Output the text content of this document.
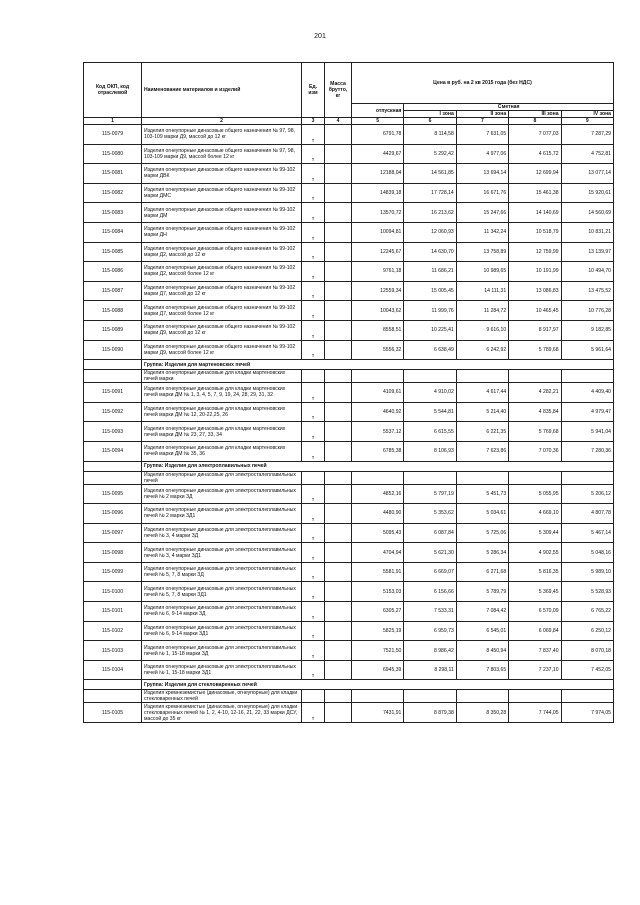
201
Код ОКП, код отраслевой	Наименование материалов и изделий	Ед. изм	Масса брутто, кг	Цена в руб. на 2 кв 2015 года (без НДС)				
				отпускная	Сметная			
					I зона	II зона	III зона	IV зона
1	2	3	4	5	6	7	8	9
115-0079	Изделия огнеупорные динасовые общего назначения № 97, 98, 103-109 марки Д9, массой до 12 кг	т		6791,78	8 114,58	7 631,05	7 077,03	7 287,29
115-0080	Изделия огнеупорные динасовые общего назначения № 97, 98, 103-109 марки Д9, массой более 12 кг	т		4429,67	5 292,42	4 977,06	4 615,72	4 752,81
115-0081	Изделия огнеупорные динасовые общего назначения № 99-102 марки ДВК	т		12188,04	14 561,85	13 694,14	12 699,94	13 077,14
115-0082	Изделия огнеупорные динасовые общего назначения № 99-102 марки ДМС	т		14839,18	17 728,14	16 671,76	15 461,38	15 920,61
115-0083	Изделия огнеупорные динасовые общего назначения № 99-102 марки ДМ	т		13570,72	16 213,62	15 247,66	14 140,69	14 560,69
115-0084	Изделия огнеупорные динасовые общего назначения № 99-102 марки ДН	т		10094,81	12 060,93	11 342,24	10 518,79	10 831,21
115-0085	Изделия огнеупорные динасовые общего назначения № 99-102 марки Д2, массой до 12 кг	т		12245,67	14 630,70	13 758,89	12 759,99	13 139,97
115-0086	Изделия огнеупорные динасовые общего назначения № 99-102 марки Д2, массой более 12 кг	т		9761,18	11 686,21	10 989,65	10 191,99	10 494,70
115-0087	Изделия огнеупорные динасовые общего назначения № 99-102 марки Д7, массой до 12 кг	т		12559,34	15 005,45	14 111,31	13 086,83	13 475,52
115-0088	Изделия огнеупорные динасовые общего назначения № 99-102 марки Д7, массой более 12 кг	т		10043,62	11 999,76	11 284,72	10 465,45	10 776,28
115-0089	Изделия огнеупорные динасовые общего назначения № 99-102 марки Д9, массой до 12 кг	т		8558,51	10 225,41	9 616,10	8 917,97	9 182,85
115-0090	Изделия огнеупорные динасовые общего назначения № 99-102 марки Д9, массой более 12 кг	т		5556,32	6 638,49	6 242,92	5 789,68	5 961,64
	Группа: Изделия для мартеновских печей							
	Изделия огнеупорные динасовые для кладки мартеновских печей марки							
115-0091	Изделия огнеупорные динасовые для кладки мартеновских печей марки ДМ № 1, 3, 4, 5, 7, 9, 19, 24, 28, 29, 31, 32	т		4109,61	4 910,02	4 617,44	4 282,21	4 409,40
115-0092	Изделия огнеупорные динасовые для кладки мартеновских печей марки ДМ № 12, 20-22,25, 26	т		4640,92	5 544,81	5 214,40	4 835,84	4 979,47
115-0093	Изделия огнеупорные динасовые для кладки мартеновских печей марки ДМ № 23, 27, 33, 34	т		5537,12	6 615,55	6 221,35	5 769,68	5 941,04
115-0094	Изделия огнеупорные динасовые для кладки мартеновских печей марки ДМ № 35, 36	т		6785,38	8 106,93	7 623,86	7 070,36	7 280,36
	Группа: Изделия для электроплавильных печей							
	Изделия огнеупорные динасовые для электросталеплавильных печей							
115-0095	Изделия огнеупорные динасовые для электросталеплавильных печей № 2 марки ЗД	т		4852,16	5 797,19	5 451,73	5 055,95	5 206,12
115-0096	Изделия огнеупорные динасовые для электросталеплавильных печей № 2 марки ЗД1	т		4480,90	5 353,62	5 034,61	4 669,10	4 807,78
115-0097	Изделия огнеупорные динасовые для электросталеплавильных печей № 3, 4 марки ЗД	т		5095,43	6 087,84	5 725,06	5 309,44	5 467,14
115-0098	Изделия огнеупорные динасовые для электросталеплавильных печей № 3, 4 марки ЗД1	т		4704,94	5 621,30	5 286,34	4 902,55	5 048,16
115-0099	Изделия огнеупорные динасовые для электросталеплавильных печей № 5, 7, 8 марки ЗД	т		5581,91	6 669,07	6 271,68	5 816,35	5 989,10
115-0100	Изделия огнеупорные динасовые для электросталеплавильных печей № 5, 7, 8 марки ЗД1	т		5153,03	6 156,66	5 789,79	5 369,45	5 528,93
115-0101	Изделия огнеупорные динасовые для электросталеплавильных печей № 6, 9-14 марки ЗД	т		6305,27	7 533,31	7 084,42	6 570,09	6 765,22
115-0102	Изделия огнеупорные динасовые для электросталеплавильных печей № 6, 9-14 марки ЗД1	т		5825,19	6 959,73	6 545,01	6 069,84	6 250,12
115-0103	Изделия огнеупорные динасовые для электросталеплавильных печей № 1, 15-18 марки ЗД	т		7521,50	8 986,42	8 450,94	7 837,40	8 070,18
115-0104	Изделия огнеупорные динасовые для электросталеплавильных печей № 1, 15-18 марки ЗД1	т		6945,39	8 298,11	7 803,65	7 237,10	7 452,05
	Группа: Изделия для стекловаренных печей							
	Изделия кремнеземистые (динасовые, огнеупорные) для кладки стекловаренных печей							
115-0105	Изделия кремнеземистые (динасовые, огнеупорные) для кладки стекловаренных печей № 1, 2, 4-10, 12-16, 21, 22, 33 марки ДСУ, массой до 35 кг	т		7431,91	8 879,38	8 350,28	7 744,05	7 974,05
